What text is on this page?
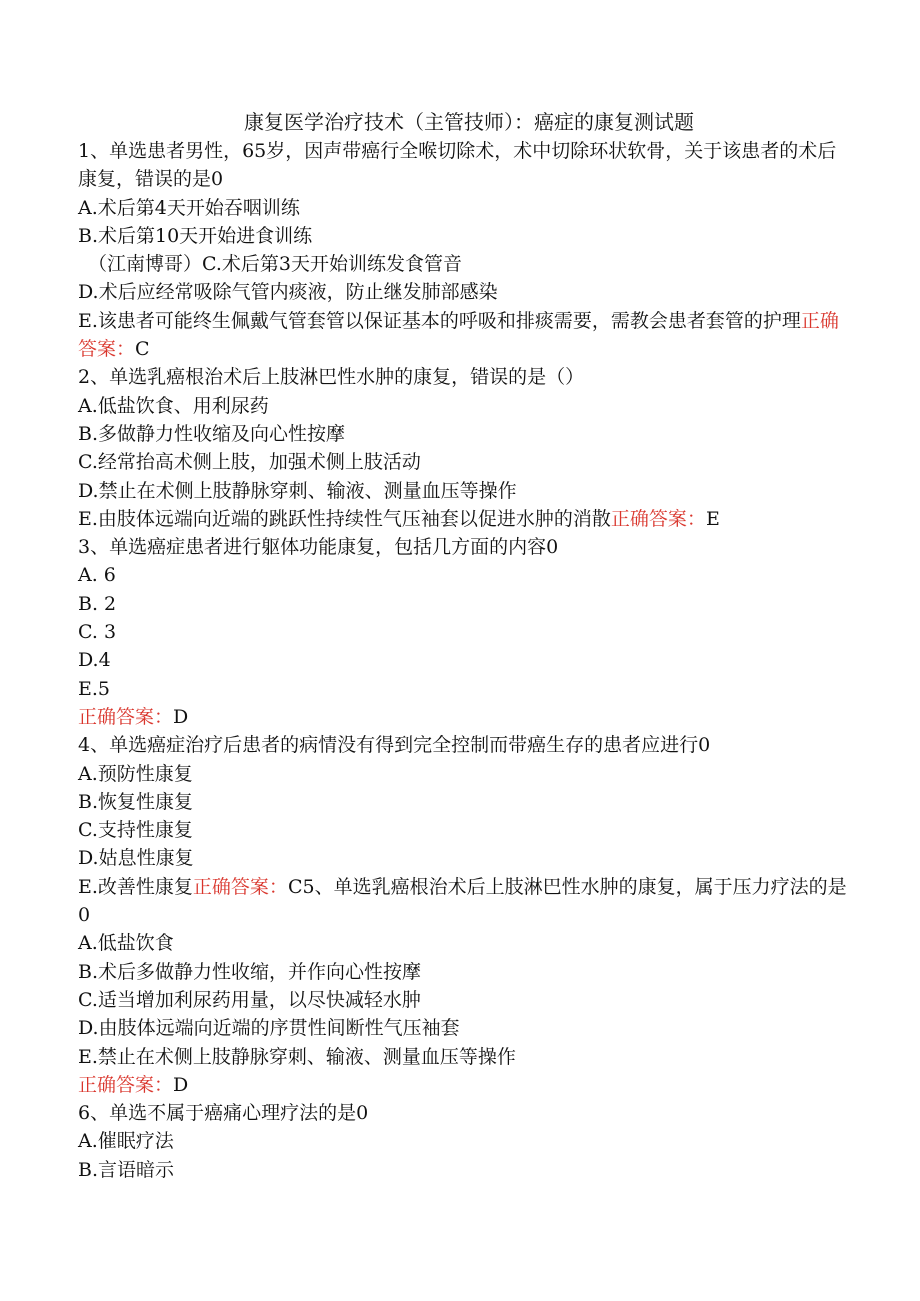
康复医学治疗技术（主管技师）：癌症的康复测试题

1、单选患者男性，65岁，因声带癌行全喉切除术，术中切除环状软骨，关于该患者的术后康复，错误的是0

A.术后第4天开始吞咽训练

B.术后第10天开始进食训练

（江南博哥）C.术后第3天开始训练发食管音

D.术后应经常吸除气管内痰液，防止继发肺部感染

E.该患者可能终生佩戴气管套管以保证基本的呼吸和排痰需要，需教会患者套管的护理正确答案：C

2、单选乳癌根治术后上肢淋巴性水肿的康复，错误的是（）

A.低盐饮食、用利尿药

B.多做静力性收缩及向心性按摩

C.经常抬高术侧上肢，加强术侧上肢活动

D.禁止在术侧上肢静脉穿刺、输液、测量血压等操作

E.由肢体远端向近端的跳跃性持续性气压袖套以促进水肿的消散正确答案：E

3、单选癌症患者进行躯体功能康复，包括几方面的内容0

A. 6

B. 2

C. 3

D.4

E.5

正确答案：D

4、单选癌症治疗后患者的病情没有得到完全控制而带癌生存的患者应进行0

A.预防性康复

B.恢复性康复

C.支持性康复

D.姑息性康复

E.改善性康复正确答案：C5、单选乳癌根治术后上肢淋巴性水肿的康复，属于压力疗法的是0

A.低盐饮食

B.术后多做静力性收缩，并作向心性按摩

C.适当增加利尿药用量，以尽快减轻水肿

D.由肢体远端向近端的序贯性间断性气压袖套

E.禁止在术侧上肢静脉穿刺、输液、测量血压等操作

正确答案：D

6、单选不属于癌痛心理疗法的是0

A.催眠疗法

B.言语暗示
